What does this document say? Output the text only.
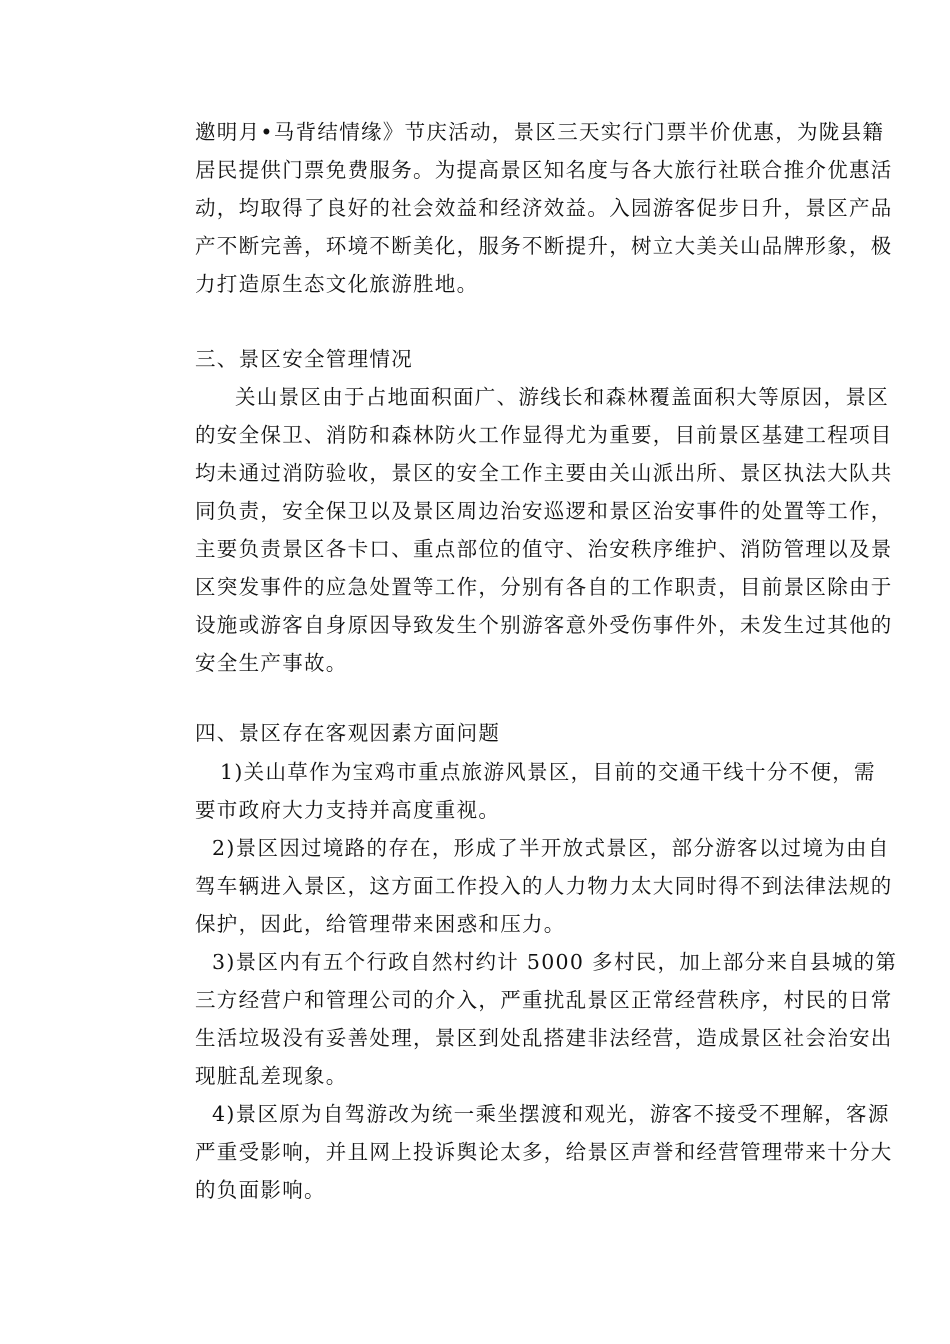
邀明月•马背结情缘》节庆活动，景区三天实行门票半价优惠，为陇县籍
居民提供门票免费服务。为提高景区知名度与各大旅行社联合推介优惠活
动，均取得了良好的社会效益和经济效益。入园游客促步日升，景区产品
产不断完善，环境不断美化，服务不断提升，树立大美关山品牌形象，极
力打造原生态文化旅游胜地。
三、景区安全管理情况
关山景区由于占地面积面广、游线长和森林覆盖面积大等原因，景区
的安全保卫、消防和森林防火工作显得尤为重要，目前景区基建工程项目
均未通过消防验收，景区的安全工作主要由关山派出所、景区执法大队共
同负责，安全保卫以及景区周边治安巡逻和景区治安事件的处置等工作，
主要负责景区各卡口、重点部位的值守、治安秩序维护、消防管理以及景
区突发事件的应急处置等工作，分别有各自的工作职责，目前景区除由于
设施或游客自身原因导致发生个别游客意外受伤事件外，未发生过其他的
安全生产事故。
四、景区存在客观因素方面问题
1)关山草作为宝鸡市重点旅游风景区，目前的交通干线十分不便，需
要市政府大力支持并高度重视。
2)景区因过境路的存在，形成了半开放式景区，部分游客以过境为由自
驾车辆进入景区，这方面工作投入的人力物力太大同时得不到法律法规的
保护，因此，给管理带来困惑和压力。
3)景区内有五个行政自然村约计 5000 多村民，加上部分来自县城的第
三方经营户和管理公司的介入，严重扰乱景区正常经营秩序，村民的日常
生活垃圾没有妥善处理，景区到处乱搭建非法经营，造成景区社会治安出
现脏乱差现象。
4)景区原为自驾游改为统一乘坐摆渡和观光，游客不接受不理解，客源
严重受影响，并且网上投诉舆论太多，给景区声誉和经营管理带来十分大
的负面影响。
